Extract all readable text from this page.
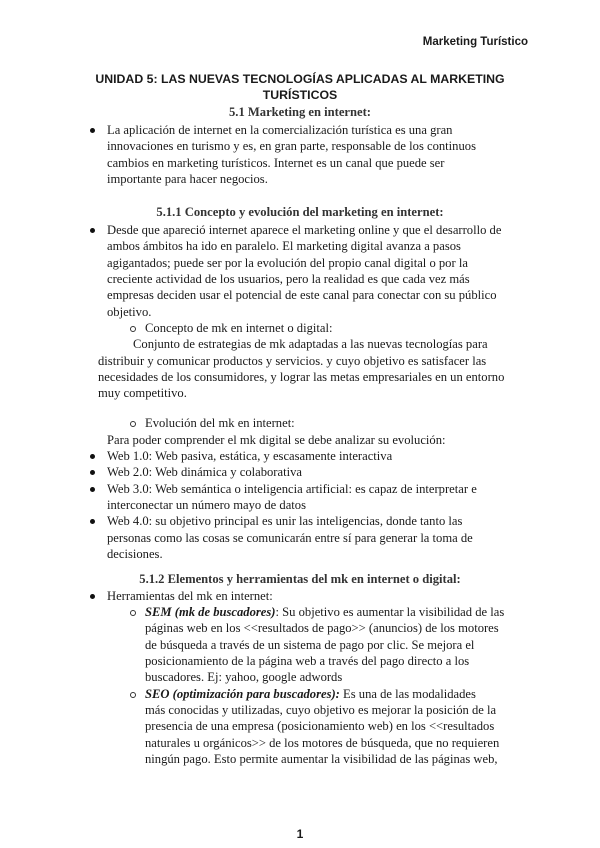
Marketing Turístico
UNIDAD 5: LAS NUEVAS TECNOLOGÍAS APLICADAS AL MARKETING
TURÍSTICOS
5.1 Marketing en internet:
La aplicación de internet en la comercialización turística es una gran
innovaciones en turismo y es, en gran parte, responsable de los continuos
cambios en marketing turísticos. Internet es un canal que puede ser
importante para hacer negocios.
5.1.1 Concepto y evolución del marketing en internet:
Desde que apareció internet aparece el marketing online y que el desarrollo de
ambos ámbitos ha ido en paralelo. El marketing digital avanza a pasos
agigantados; puede ser por la evolución del propio canal digital o por la
creciente actividad de los usuarios, pero la realidad es que cada vez más
empresas deciden usar el potencial de este canal para conectar con su público
objetivo.
Concepto de mk en internet o digital:
Conjunto de estrategias de mk adaptadas a las nuevas tecnologías para
distribuir y comunicar productos y servicios. y cuyo objetivo es satisfacer las
necesidades de los consumidores, y lograr las metas empresariales en un entorno
muy competitivo.
Evolución del mk en internet:
Para poder comprender el mk digital se debe analizar su evolución:
Web 1.0: Web pasiva, estática, y escasamente interactiva
Web 2.0: Web dinámica y colaborativa
Web 3.0: Web semántica o inteligencia artificial: es capaz de interpretar e
interconectar un número mayo de datos
Web 4.0: su objetivo principal es unir las inteligencias, donde tanto las
personas como las cosas se comunicarán entre sí para generar la toma de
decisiones.
5.1.2 Elementos y herramientas del mk en internet o digital:
Herramientas del mk en internet:
SEM (mk de buscadores): Su objetivo es aumentar la visibilidad de las
páginas web en los <<resultados de pago>> (anuncios) de los motores
de búsqueda a través de un sistema de pago por clic. Se mejora el
posicionamiento de la página web a través del pago directo a los
buscadores. Ej: yahoo, google adwords
SEO (optimización para buscadores): Es una de las modalidades
más conocidas y utilizadas, cuyo objetivo es mejorar la posición de la
presencia de una empresa (posicionamiento web) en los <<resultados
naturales u orgánicos>> de los motores de búsqueda, que no requieren
ningún pago. Esto permite aumentar la visibilidad de las páginas web,
1
